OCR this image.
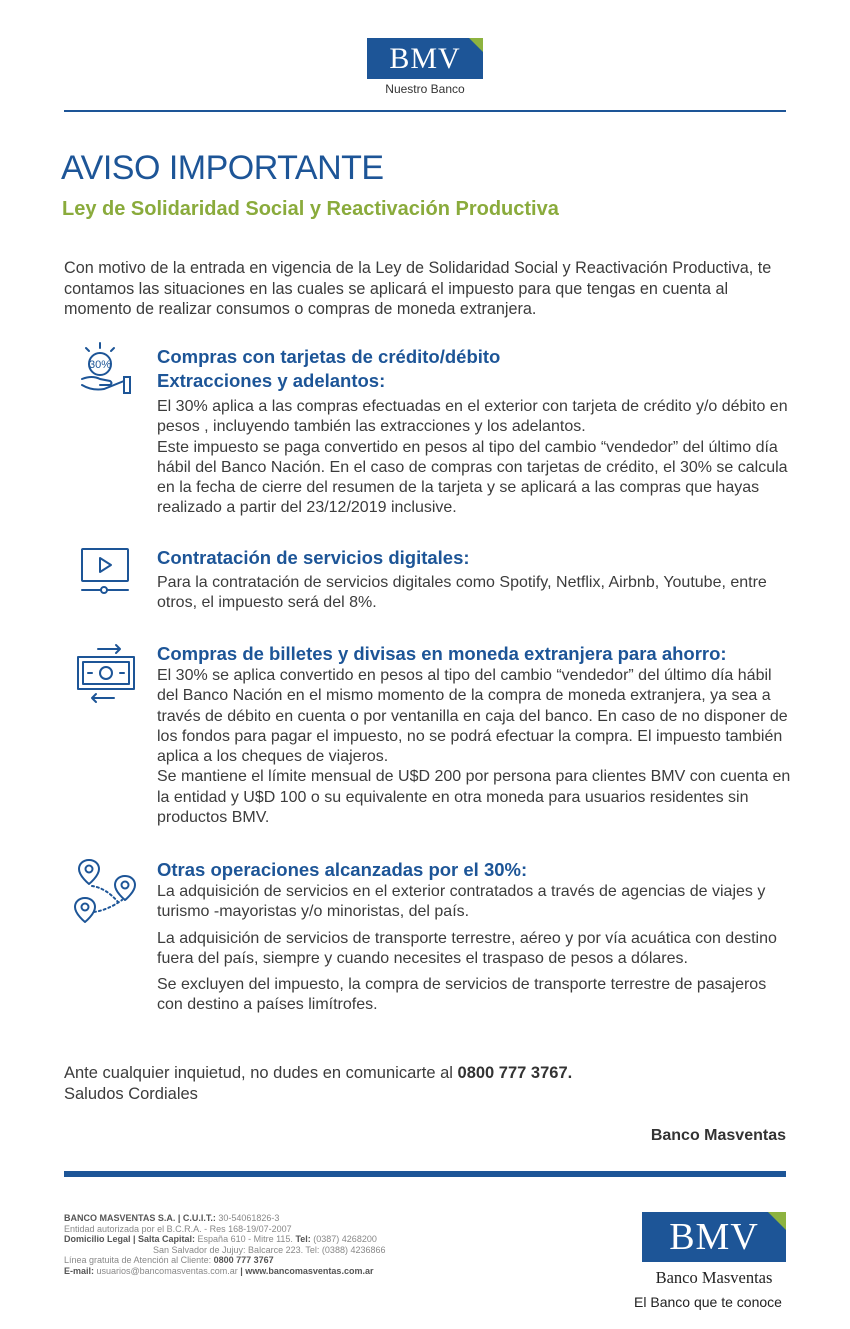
BMV
Nuestro Banco
AVISO IMPORTANTE
Ley de Solidaridad Social y Reactivación Productiva
Con motivo de la entrada en vigencia de la Ley de Solidaridad Social y Reactivación Productiva, te contamos las situaciones en las cuales se aplicará el impuesto para que tengas en cuenta al momento de realizar consumos o compras de moneda extranjera.
30% Compras con tarjetas de crédito/débito
Extracciones y adelantos:

El 30% aplica a las compras efectuadas en el exterior con tarjeta de crédito y/o débito en pesos , incluyendo también las extracciones y los adelantos.

Este impuesto se paga convertido en pesos al tipo del cambio “vendedor” del último día hábil del Banco Nación. En el caso de compras con tarjetas de crédito, el 30% se calcula en la fecha de cierre del resumen de la tarjeta y se aplicará a las compras que hayas realizado a partir del 23/12/2019 inclusive.

Contratación de servicios digitales:

Para la contratación de servicios digitales como Spotify, Netflix, Airbnb, Youtube, entre otros, el impuesto será del 8%.

Compras de billetes y divisas en moneda extranjera para ahorro:

El 30% se aplica convertido en pesos al tipo del cambio “vendedor” del último día hábil del Banco Nación en el mismo momento de la compra de moneda extranjera, ya sea a través de débito en cuenta o por ventanilla en caja del banco. En caso de no disponer de los fondos para pagar el impuesto, no se podrá efectuar la compra. El impuesto también aplica a los cheques de viajeros.

Se mantiene el límite mensual de U$D 200 por persona para clientes BMV con cuenta en la entidad y U$D 100 o su equivalente en otra moneda para usuarios residentes sin productos BMV.

Otras operaciones alcanzadas por el 30%:

La adquisición de servicios en el exterior contratados a través de agencias de viajes y turismo -mayoristas y/o minoristas, del país.

La adquisición de servicios de transporte terrestre, aéreo y por vía acuática con destino fuera del país, siempre y cuando necesites el traspaso de pesos a dólares.

Se excluyen del impuesto, la compra de servicios de transporte terrestre de pasajeros con destino a países limítrofes.

Ante cualquier inquietud, no dudes en comunicarte al 0800 777 3767.
Saludos Cordiales
Banco Masventas
BANCO MASVENTAS S.A. | C.U.I.T.: 30-54061826-3
Entidad autorizada por el B.C.R.A. - Res 168-19/07-2007
Domicilio Legal | Salta Capital: España 610 - Mitre 115. Tel: (0387) 4268200
San Salvador de Jujuy: Balcarce 223. Tel: (0388) 4236866
Línea gratuita de Atención al Cliente: 0800 777 3767
E-mail: usuarios@bancomasventas.com.ar | www.bancomasventas.com.ar
BMV
Banco Masventas
El Banco que te conoce
